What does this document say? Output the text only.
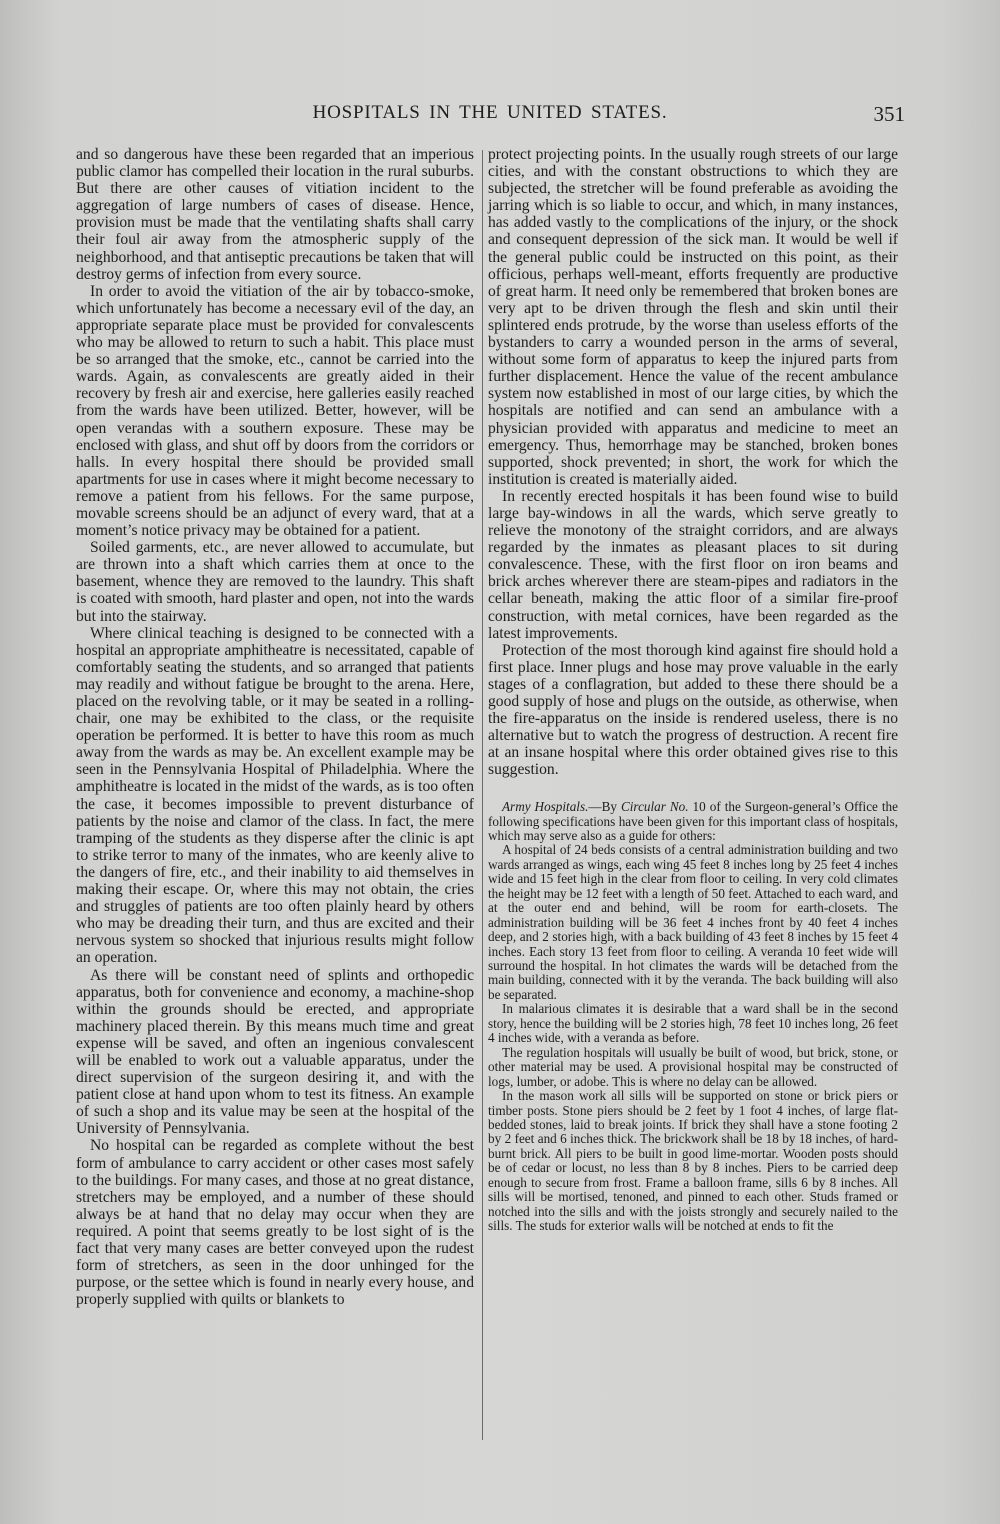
HOSPITALS IN THE UNITED STATES.	351

and so dangerous have these been regarded that an imperious public clamor has compelled their location in the rural suburbs. But there are other causes of vitiation incident to the aggregation of large numbers of cases of disease. Hence, provision must be made that the ventilating shafts shall carry their foul air away from the atmospheric supply of the neighborhood, and that antiseptic precautions be taken that will destroy germs of infection from every source.

In order to avoid the vitiation of the air by tobacco-smoke, which unfortunately has become a necessary evil of the day, an appropriate separate place must be provided for convalescents who may be allowed to return to such a habit. This place must be so arranged that the smoke, etc., cannot be carried into the wards. Again, as convalescents are greatly aided in their recovery by fresh air and exercise, here galleries easily reached from the wards have been utilized. Better, however, will be open verandas with a southern exposure. These may be enclosed with glass, and shut off by doors from the corridors or halls. In every hospital there should be provided small apartments for use in cases where it might become necessary to remove a patient from his fellows. For the same purpose, movable screens should be an adjunct of every ward, that at a moment’s notice privacy may be obtained for a patient.

Soiled garments, etc., are never allowed to accumulate, but are thrown into a shaft which carries them at once to the basement, whence they are removed to the laundry. This shaft is coated with smooth, hard plaster and open, not into the wards but into the stairway.

Where clinical teaching is designed to be connected with a hospital an appropriate amphitheatre is necessitated, capable of comfortably seating the students, and so arranged that patients may readily and without fatigue be brought to the arena. Here, placed on the revolving table, or it may be seated in a rolling-chair, one may be exhibited to the class, or the requisite operation be performed. It is better to have this room as much away from the wards as may be. An excellent example may be seen in the Pennsylvania Hospital of Philadelphia. Where the amphitheatre is located in the midst of the wards, as is too often the case, it becomes impossible to prevent disturbance of patients by the noise and clamor of the class. In fact, the mere tramping of the students as they disperse after the clinic is apt to strike terror to many of the inmates, who are keenly alive to the dangers of fire, etc., and their inability to aid themselves in making their escape. Or, where this may not obtain, the cries and struggles of patients are too often plainly heard by others who may be dreading their turn, and thus are excited and their nervous system so shocked that injurious results might follow an operation.

As there will be constant need of splints and orthopedic apparatus, both for convenience and economy, a machine-shop within the grounds should be erected, and appropriate machinery placed therein. By this means much time and great expense will be saved, and often an ingenious convalescent will be enabled to work out a valuable apparatus, under the direct supervision of the surgeon desiring it, and with the patient close at hand upon whom to test its fitness. An example of such a shop and its value may be seen at the hospital of the University of Pennsylvania.

No hospital can be regarded as complete without the best form of ambulance to carry accident or other cases most safely to the buildings. For many cases, and those at no great distance, stretchers may be employed, and a number of these should always be at hand that no delay may occur when they are required. A point that seems greatly to be lost sight of is the fact that very many cases are better conveyed upon the rudest form of stretchers, as seen in the door unhinged for the purpose, or the settee which is found in nearly every house, and properly supplied with quilts or blankets to

protect projecting points. In the usually rough streets of our large cities, and with the constant obstructions to which they are subjected, the stretcher will be found preferable as avoiding the jarring which is so liable to occur, and which, in many instances, has added vastly to the complications of the injury, or the shock and consequent depression of the sick man. It would be well if the general public could be instructed on this point, as their officious, perhaps well-meant, efforts frequently are productive of great harm. It need only be remembered that broken bones are very apt to be driven through the flesh and skin until their splintered ends protrude, by the worse than useless efforts of the bystanders to carry a wounded person in the arms of several, without some form of apparatus to keep the injured parts from further displacement. Hence the value of the recent ambulance system now established in most of our large cities, by which the hospitals are notified and can send an ambulance with a physician provided with apparatus and medicine to meet an emergency. Thus, hemorrhage may be stanched, broken bones supported, shock prevented; in short, the work for which the institution is created is materially aided.

In recently erected hospitals it has been found wise to build large bay-windows in all the wards, which serve greatly to relieve the monotony of the straight corridors, and are always regarded by the inmates as pleasant places to sit during convalescence. These, with the first floor on iron beams and brick arches wherever there are steam-pipes and radiators in the cellar beneath, making the attic floor of a similar fire-proof construction, with metal cornices, have been regarded as the latest improvements.

Protection of the most thorough kind against fire should hold a first place. Inner plugs and hose may prove valuable in the early stages of a conflagration, but added to these there should be a good supply of hose and plugs on the outside, as otherwise, when the fire-apparatus on the inside is rendered useless, there is no alternative but to watch the progress of destruction. A recent fire at an insane hospital where this order obtained gives rise to this suggestion.

Army Hospitals.—By Circular No. 10 of the Surgeon-general’s Office the following specifications have been given for this important class of hospitals, which may serve also as a guide for others:

A hospital of 24 beds consists of a central administration building and two wards arranged as wings, each wing 45 feet 8 inches long by 25 feet 4 inches wide and 15 feet high in the clear from floor to ceiling. In very cold climates the height may be 12 feet with a length of 50 feet. Attached to each ward, and at the outer end and behind, will be room for earth-closets. The administration building will be 36 feet 4 inches front by 40 feet 4 inches deep, and 2 stories high, with a back building of 43 feet 8 inches by 15 feet 4 inches. Each story 13 feet from floor to ceiling. A veranda 10 feet wide will surround the hospital. In hot climates the wards will be detached from the main building, connected with it by the veranda. The back building will also be separated.

In malarious climates it is desirable that a ward shall be in the second story, hence the building will be 2 stories high, 78 feet 10 inches long, 26 feet 4 inches wide, with a veranda as before.

The regulation hospitals will usually be built of wood, but brick, stone, or other material may be used. A provisional hospital may be constructed of logs, lumber, or adobe. This is where no delay can be allowed.

In the mason work all sills will be supported on stone or brick piers or timber posts. Stone piers should be 2 feet by 1 foot 4 inches, of large flat-bedded stones, laid to break joints. If brick they shall have a stone footing 2 by 2 feet and 6 inches thick. The brickwork shall be 18 by 18 inches, of hard-burnt brick. All piers to be built in good lime-mortar. Wooden posts should be of cedar or locust, no less than 8 by 8 inches. Piers to be carried deep enough to secure from frost. Frame a balloon frame, sills 6 by 8 inches. All sills will be mortised, tenoned, and pinned to each other. Studs framed or notched into the sills and with the joists strongly and securely nailed to the sills. The studs for exterior walls will be notched at ends to fit the
